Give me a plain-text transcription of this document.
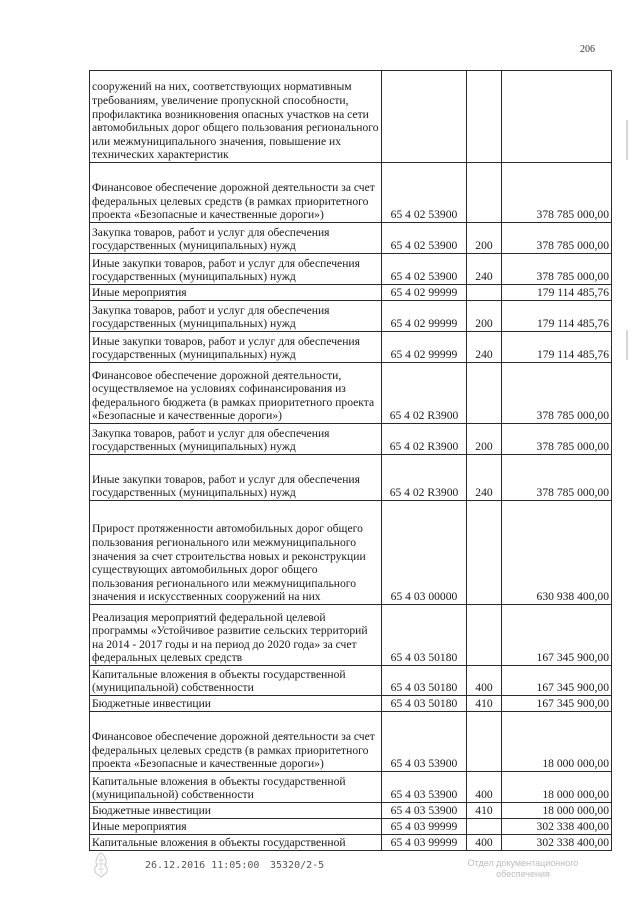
206
сооружений на них, соответствующих нормативным требованиям, увеличение пропускной способности, профилактика возникновения опасных участков на сети автомобильных дорог общего пользования регионального или межмуниципального значения, повышение их технических характеристик			
Финансовое обеспечение дорожной деятельности за счет федеральных целевых средств (в рамках приоритетного проекта «Безопасные и качественные дороги»)	65 4 02 53900		378 785 000,00
Закупка товаров, работ и услуг для обеспечения государственных (муниципальных) нужд	65 4 02 53900	200	378 785 000,00
Иные закупки товаров, работ и услуг для обеспечения государственных (муниципальных) нужд	65 4 02 53900	240	378 785 000,00
Иные мероприятия	65 4 02 99999		179 114 485,76
Закупка товаров, работ и услуг для обеспечения государственных (муниципальных) нужд	65 4 02 99999	200	179 114 485,76
Иные закупки товаров, работ и услуг для обеспечения государственных (муниципальных) нужд	65 4 02 99999	240	179 114 485,76
Финансовое обеспечение дорожной деятельности, осуществляемое на условиях софинансирования из федерального бюджета (в рамках приоритетного проекта «Безопасные и качественные дороги»)	65 4 02 R3900		378 785 000,00
Закупка товаров, работ и услуг для обеспечения государственных (муниципальных) нужд	65 4 02 R3900	200	378 785 000,00
Иные закупки товаров, работ и услуг для обеспечения государственных (муниципальных) нужд	65 4 02 R3900	240	378 785 000,00
Прирост протяженности автомобильных дорог общего пользования регионального или межмуниципального значения за счет строительства новых и реконструкции существующих автомобильных дорог общего пользования регионального или межмуниципального значения и искусственных сооружений на них	65 4 03 00000		630 938 400,00
Реализация мероприятий федеральной целевой программы «Устойчивое развитие сельских территорий на 2014 - 2017 годы и на период до 2020 года» за счет федеральных целевых средств	65 4 03 50180		167 345 900,00
Капитальные вложения в объекты государственной (муниципальной) собственности	65 4 03 50180	400	167 345 900,00
Бюджетные инвестиции	65 4 03 50180	410	167 345 900,00
Финансовое обеспечение дорожной деятельности за счет федеральных целевых средств (в рамках приоритетного проекта «Безопасные и качественные дороги»)	65 4 03 53900		18 000 000,00
Капитальные вложения в объекты государственной (муниципальной) собственности	65 4 03 53900	400	18 000 000,00
Бюджетные инвестиции	65 4 03 53900	410	18 000 000,00
Иные мероприятия	65 4 03 99999		302 338 400,00
Капитальные вложения в объекты государственной	65 4 03 99999	400	302 338 400,00
26.12.2016 11:05:00 35320/2-5	Отдел документационного обеспечения
